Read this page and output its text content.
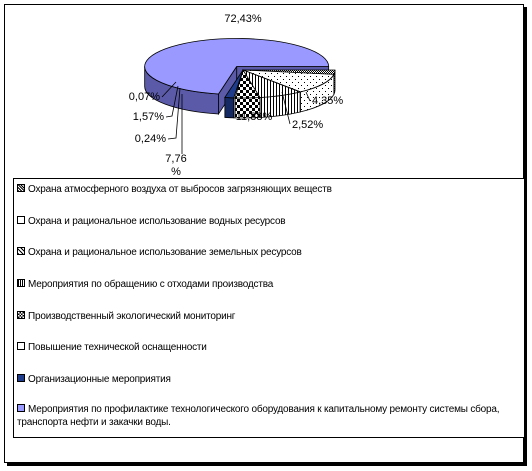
2,52%
11,88%
0,07%
7,76 %
4,35%
0,24%
1,57%
72,43%
Охрана атмосферного воздуха от выбросов загрязняющих веществ
Охрана и рациональное использование водных ресурсов
Охрана и рациональное использование земельных ресурсов
Мероприятия по обращению с отходами производства
Производственный экологический мониторинг
Повышение технической оснащенности
Организационные мероприятия
Мероприятия по профилактике технологического оборудования к капитальному ремонту системы сбора, транспорта нефти и закачки воды.
